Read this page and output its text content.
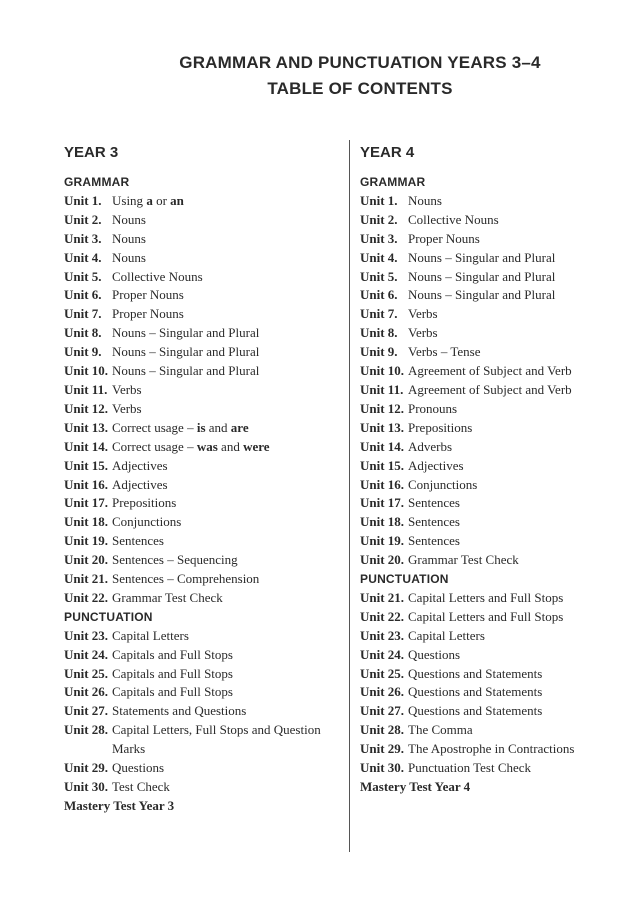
GRAMMAR AND PUNCTUATION YEARS 3–4
TABLE OF CONTENTS
YEAR 3
GRAMMAR
Unit 1. Using a or an
Unit 2. Nouns
Unit 3. Nouns
Unit 4. Nouns
Unit 5. Collective Nouns
Unit 6. Proper Nouns
Unit 7. Proper Nouns
Unit 8. Nouns – Singular and Plural
Unit 9. Nouns – Singular and Plural
Unit 10. Nouns – Singular and Plural
Unit 11. Verbs
Unit 12. Verbs
Unit 13. Correct usage – is and are
Unit 14. Correct usage – was and were
Unit 15. Adjectives
Unit 16. Adjectives
Unit 17. Prepositions
Unit 18. Conjunctions
Unit 19. Sentences
Unit 20. Sentences – Sequencing
Unit 21. Sentences – Comprehension
Unit 22. Grammar Test Check
PUNCTUATION
Unit 23. Capital Letters
Unit 24. Capitals and Full Stops
Unit 25. Capitals and Full Stops
Unit 26. Capitals and Full Stops
Unit 27. Statements and Questions
Unit 28. Capital Letters, Full Stops and Question
Marks
Unit 29. Questions
Unit 30. Test Check
Mastery Test Year 3
YEAR 4
GRAMMAR
Unit 1. Nouns
Unit 2. Collective Nouns
Unit 3. Proper Nouns
Unit 4. Nouns – Singular and Plural
Unit 5. Nouns – Singular and Plural
Unit 6. Nouns – Singular and Plural
Unit 7. Verbs
Unit 8. Verbs
Unit 9. Verbs – Tense
Unit 10. Agreement of Subject and Verb
Unit 11. Agreement of Subject and Verb
Unit 12. Pronouns
Unit 13. Prepositions
Unit 14. Adverbs
Unit 15. Adjectives
Unit 16. Conjunctions
Unit 17. Sentences
Unit 18. Sentences
Unit 19. Sentences
Unit 20. Grammar Test Check
PUNCTUATION
Unit 21. Capital Letters and Full Stops
Unit 22. Capital Letters and Full Stops
Unit 23. Capital Letters
Unit 24. Questions
Unit 25. Questions and Statements
Unit 26. Questions and Statements
Unit 27. Questions and Statements
Unit 28. The Comma
Unit 29. The Apostrophe in Contractions
Unit 30. Punctuation Test Check
Mastery Test Year 4
